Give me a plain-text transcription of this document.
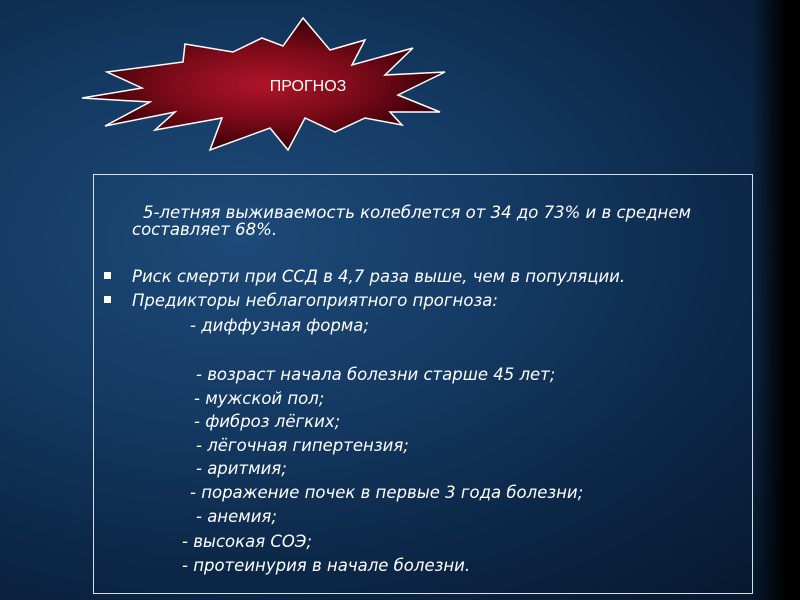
ПРОГНОЗ
5-летняя выживаемость колеблется от 34 до 73% и в среднем
составляет 68%.
Риск смерти при ССД в 4,7 раза выше, чем в популяции.
Предикторы неблагоприятного прогноза:
- диффузная форма;
- возраст начала болезни старше 45 лет;
- мужской пол;
- фиброз лёгких;
- лёгочная гипертензия;
- аритмия;
- поражение почек в первые 3 года болезни;
- анемия;
- высокая СОЭ;
- протеинурия в начале болезни.
